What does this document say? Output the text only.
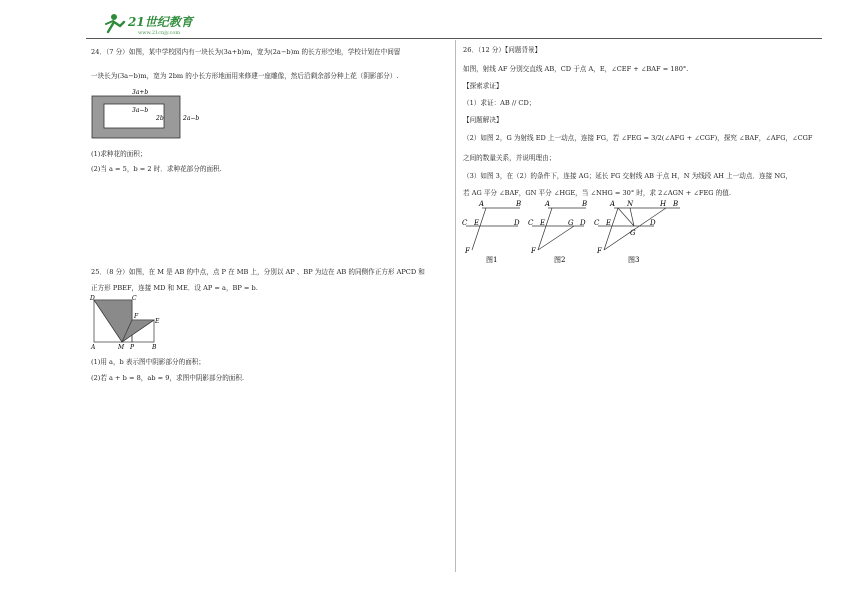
21世纪教育
www.21cnjy.com
24．（7 分）如图，某中学校园内有一块长为(3a+b)m，宽为(2a−b)m 的长方形空地，学校计划在中间留
一块长为(3a−b)m，宽为 2bm 的小长方形地面用来修建一座雕像，然后沿剩余部分种上花（阴影部分）.
3a+b
2a−b
3a−b
2b
(1)求种花的面积；
(2)当 a = 5，b = 2 时．求种花部分的面积.
25．（8 分）如图，在 M 是 AB 的中点，点 P 在 MB 上，分别以 AP 、BP 为边在 AB 的同侧作正方形 APCD 和
正方形 PBEF，连接 MD 和 ME．设 AP = a，BP = b.
D	C
F
E
A	M P	B
(1)用 a，b 表示图中阴影部分的面积；
(2)若 a + b = 8，ab = 9，求图中阴影部分的面积.
26．（12 分）【问题背景】
如图，射线 AF 分别交直线 AB，CD 于点 A，E，∠CEF + ∠BAF = 180°.
【探索求证】
（1）求证：AB // CD；
【问题解决】
（2）如图 2，G 为射线 ED 上一动点，连接 FG，若 ∠FEG = 3/2(∠AFG + ∠CGF)，探究 ∠BAF，∠AFG，∠CGF
之间的数量关系，并说明理由；
（3）如图 3，在（2）的条件下，连接 AG；延长 FG 交射线 AB 于点 H，N 为线段 AH 上一动点．连接 NG，
若 AG 平分 ∠BAF，GN 平分 ∠HGE，当 ∠NHG = 30° 时，求 2∠AGN + ∠FEG 的值.
A	B
C E	D
F
图1
A	B
C E	G D
F
图2
A N	H B
C E
G
D
F
图3
